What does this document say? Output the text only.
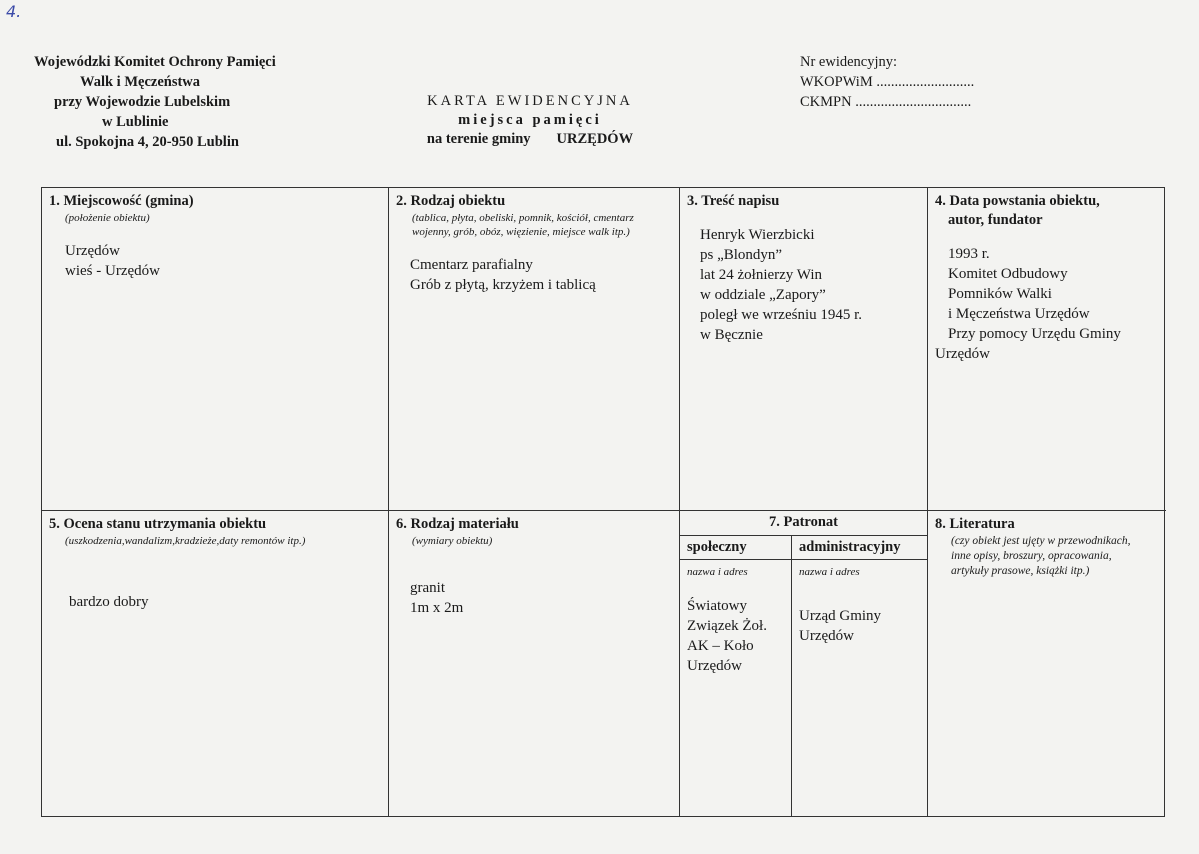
4.
Wojewódzki Komitet Ochrony Pamięci
Walk i Męczeństwa
przy Wojewodzie Lubelskim
w Lublinie
ul. Spokojna 4, 20-950 Lublin
KARTA EWIDENCYJNA
miejsca pamięci
na terenie gminy URZĘDÓW
Nr ewidencyjny:
WKOPWiM ...........................
CKMPN ................................
1. Miejscowość (gmina)
(położenie obiektu)
Urzędów
wieś - Urzędów
2. Rodzaj obiektu
(tablica, płyta, obeliski, pomnik, kościół, cmentarz wojenny, grób, obóz, więzienie, miejsce walk itp.)
Cmentarz parafialny
Grób z płytą, krzyżem i tablicą
3. Treść napisu
Henryk Wierzbicki
ps „Blondyn”
lat 24 żołnierzy Win
w oddziale „Zapory”
poległ we wrześniu 1945 r.
w Bęcznie
4. Data powstania obiektu,
autor, fundator
1993 r.
Komitet Odbudowy
Pomników Walki
i Męczeństwa Urzędów
Przy pomocy Urzędu Gminy
Urzędów
5. Ocena stanu utrzymania obiektu
(uszkodzenia,wandalizm,kradzieże,daty remontów itp.)
bardzo dobry
6. Rodzaj materiału
(wymiary obiektu)
granit
1m x 2m
7. Patronat
społeczny
nazwa i adres
Światowy
Związek Żoł.
AK – Koło
Urzędów
administracyjny
nazwa i adres
Urząd Gminy
Urzędów
8. Literatura
(czy obiekt jest ujęty w przewodnikach, inne opisy, broszury, opracowania, artykuły prasowe, książki itp.)
